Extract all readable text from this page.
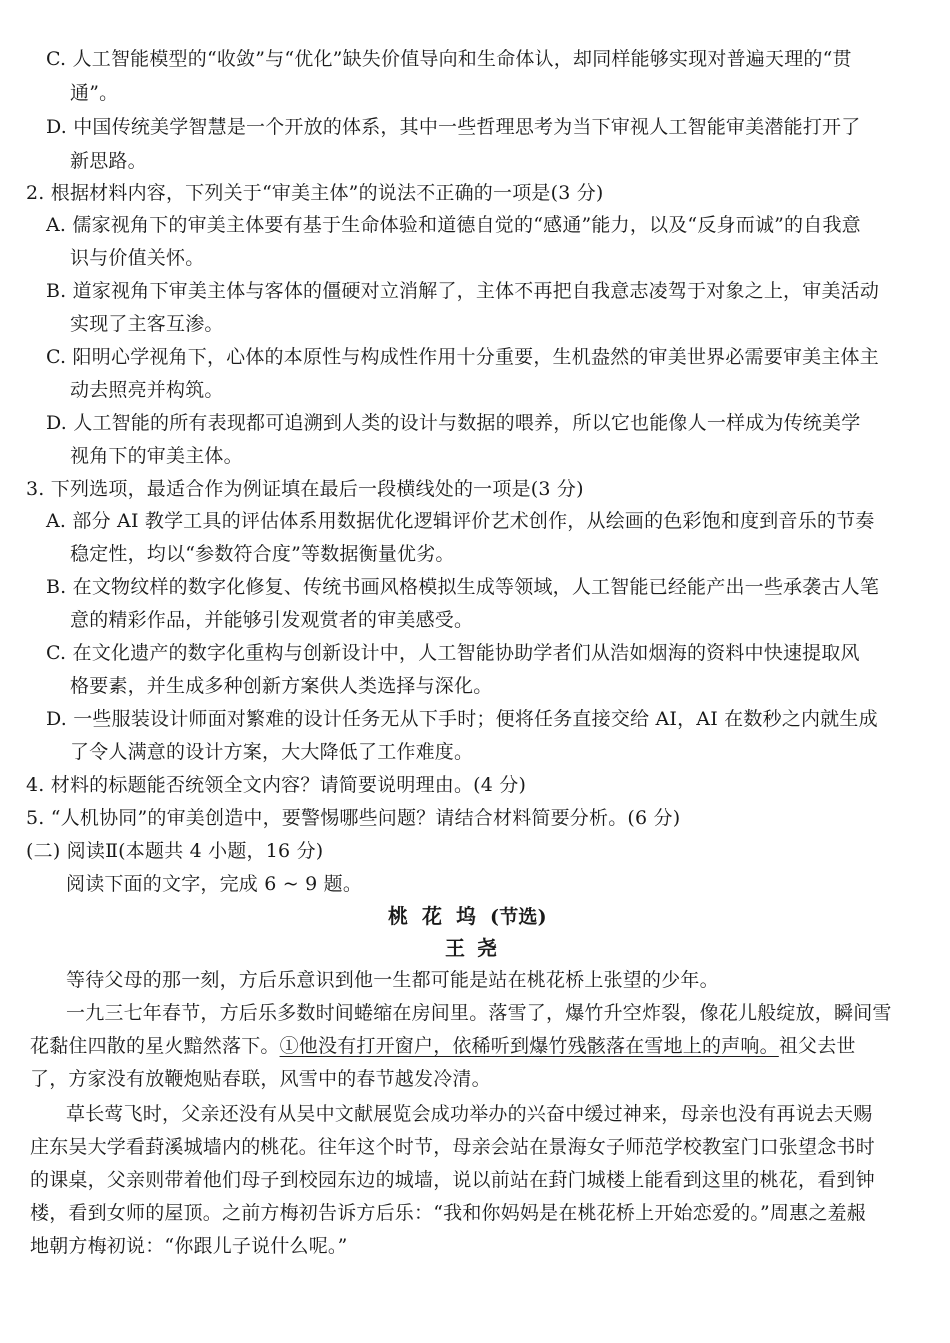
C. 人工智能模型的“收敛”与“优化”缺失价值导向和生命体认，却同样能够实现对普遍天理的“贯
通”。
D. 中国传统美学智慧是一个开放的体系，其中一些哲理思考为当下审视人工智能审美潜能打开了
新思路。
2. 根据材料内容，下列关于“审美主体”的说法不正确的一项是(3 分)
A. 儒家视角下的审美主体要有基于生命体验和道德自觉的“感通”能力，以及“反身而诚”的自我意
识与价值关怀。
B. 道家视角下审美主体与客体的僵硬对立消解了，主体不再把自我意志凌驾于对象之上，审美活动
实现了主客互渗。
C. 阳明心学视角下，心体的本原性与构成性作用十分重要，生机盎然的审美世界必需要审美主体主
动去照亮并构筑。
D. 人工智能的所有表现都可追溯到人类的设计与数据的喂养，所以它也能像人一样成为传统美学
视角下的审美主体。
3. 下列选项，最适合作为例证填在最后一段横线处的一项是(3 分)
A. 部分 AI 教学工具的评估体系用数据优化逻辑评价艺术创作，从绘画的色彩饱和度到音乐的节奏
稳定性，均以“参数符合度”等数据衡量优劣。
B. 在文物纹样的数字化修复、传统书画风格模拟生成等领域，人工智能已经能产出一些承袭古人笔
意的精彩作品，并能够引发观赏者的审美感受。
C. 在文化遗产的数字化重构与创新设计中，人工智能协助学者们从浩如烟海的资料中快速提取风
格要素，并生成多种创新方案供人类选择与深化。
D. 一些服装设计师面对繁难的设计任务无从下手时；便将任务直接交给 AI，AI 在数秒之内就生成
了令人满意的设计方案，大大降低了工作难度。
4. 材料的标题能否统领全文内容？请简要说明理由。(4 分)
5. “人机协同”的审美创造中，要警惕哪些问题？请结合材料简要分析。(6 分)
(二) 阅读Ⅱ(本题共 4 小题，16 分)
阅读下面的文字，完成 6 ~ 9 题。
桃花坞(节选)
王尧
等待父母的那一刻，方后乐意识到他一生都可能是站在桃花桥上张望的少年。
一九三七年春节，方后乐多数时间蜷缩在房间里。落雪了，爆竹升空炸裂，像花儿般绽放，瞬间雪
花黏住四散的星火黯然落下。①他没有打开窗户，依稀听到爆竹残骸落在雪地上的声响。祖父去世
了，方家没有放鞭炮贴春联，风雪中的春节越发冷清。
草长莺飞时，父亲还没有从吴中文献展览会成功举办的兴奋中缓过神来，母亲也没有再说去天赐
庄东吴大学看葑溪城墙内的桃花。往年这个时节，母亲会站在景海女子师范学校教室门口张望念书时
的课桌，父亲则带着他们母子到校园东边的城墙，说以前站在葑门城楼上能看到这里的桃花，看到钟
楼，看到女师的屋顶。之前方梅初告诉方后乐：“我和你妈妈是在桃花桥上开始恋爱的。”周惠之羞赧
地朝方梅初说：“你跟儿子说什么呢。”
